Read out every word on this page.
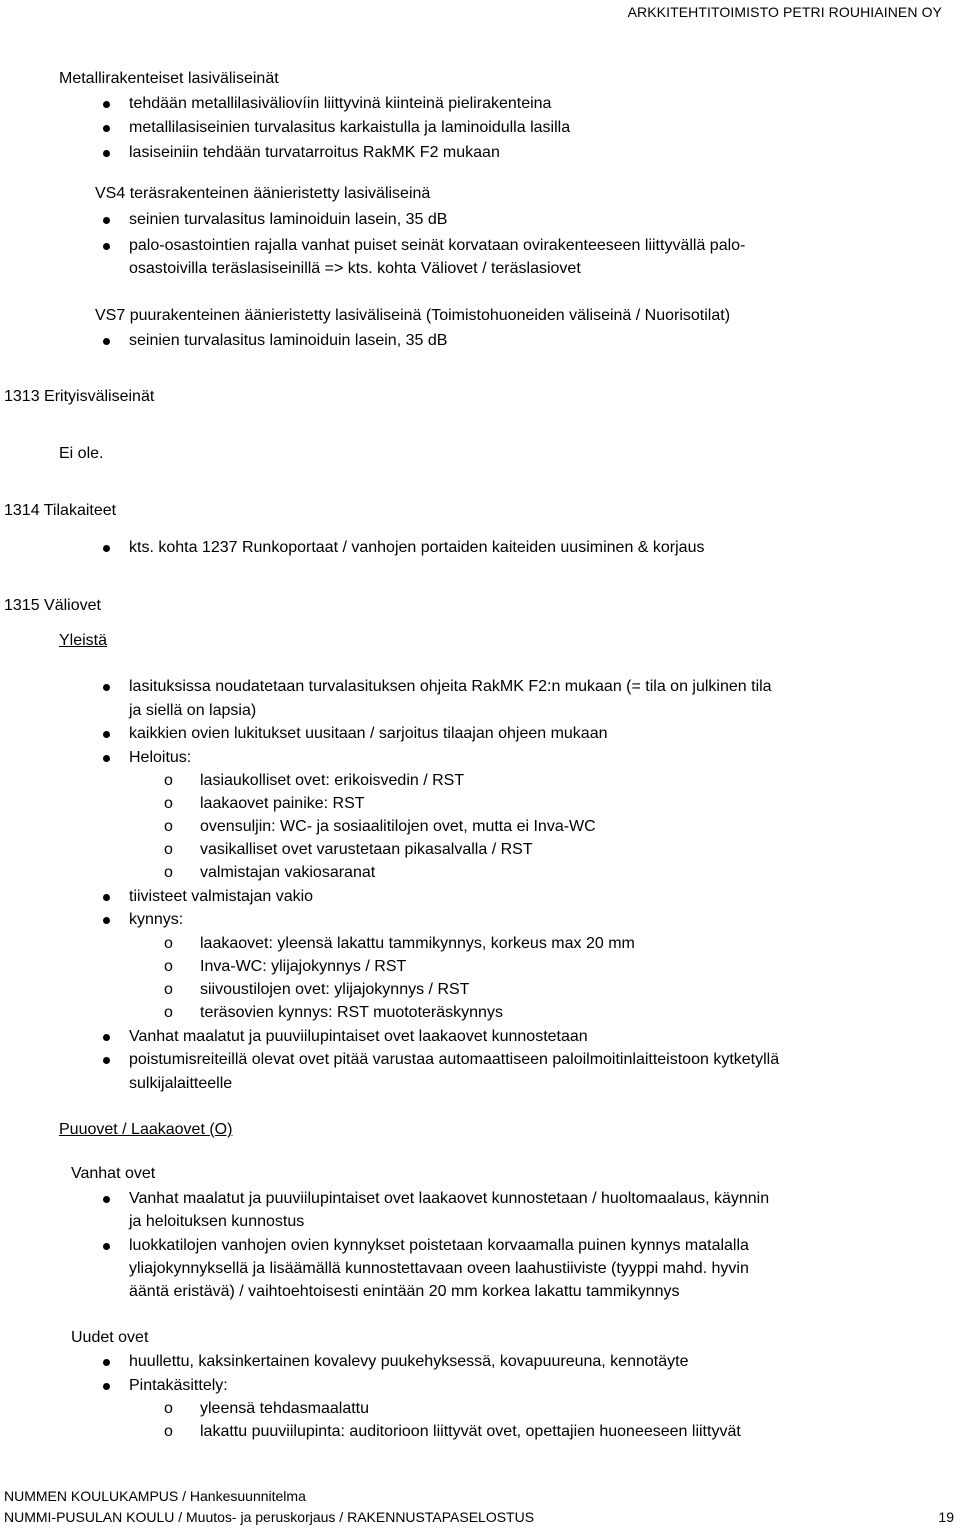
ARKKITEHTITOIMISTO PETRI ROUHIAINEN OY
Metallirakenteiset lasiväliseinät
tehdään metallilasiväliovíin liittyvinä kiinteinä pielirakenteina
metallilasiseinien turvalasitus karkaistulla ja laminoidulla lasilla
lasiseiniin tehdään turvatarroitus RakMK F2 mukaan
VS4 teräsrakenteinen äänieristetty lasiväliseinä
seinien turvalasitus laminoiduin lasein, 35 dB
palo-osastointien rajalla vanhat puiset seinät korvataan ovirakenteeseen liittyvällä palo-
osastoivilla teräslasiseinillä => kts. kohta Väliovet / teräslasiovet
VS7 puurakenteinen äänieristetty lasiväliseinä (Toimistohuoneiden väliseinä / Nuorisotilat)
seinien turvalasitus laminoiduin lasein, 35 dB
1313 Erityisväliseinät
Ei ole.
1314 Tilakaiteet
kts. kohta 1237 Runkoportaat / vanhojen portaiden kaiteiden uusiminen & korjaus
1315 Väliovet
Yleistä
lasituksissa noudatetaan turvalasituksen ohjeita RakMK F2:n mukaan (= tila on julkinen tila
ja siellä on lapsia)
kaikkien ovien lukitukset uusitaan / sarjoitus tilaajan ohjeen mukaan
Heloitus:
o lasiaukolliset ovet: erikoisvedin / RST
o laakaovet painike: RST
o ovensuljin: WC- ja sosiaalitilojen ovet, mutta ei Inva-WC
o vasikalliset ovet varustetaan pikasalvalla / RST
o valmistajan vakiosaranat
tiivisteet valmistajan vakio
kynnys:
o laakaovet: yleensä lakattu tammikynnys, korkeus max 20 mm
o Inva-WC: ylijajokynnys / RST
o siivoustilojen ovet: ylijajokynnys / RST
o teräsovien kynnys: RST muototeräskynnys
Vanhat maalatut ja puuviilupintaiset ovet laakaovet kunnostetaan
poistumisreiteillä olevat ovet pitää varustaa automaattiseen paloilmoitinlaitteistoon kytketyllä
sulkijalaitteelle
Puuovet / Laakaovet (O)
Vanhat ovet
Vanhat maalatut ja puuviilupintaiset ovet laakaovet kunnostetaan / huoltomaalaus, käynnin
ja heloituksen kunnostus
luokkatilojen vanhojen ovien kynnykset poistetaan korvaamalla puinen kynnys matalalla
yliajokynnyksellä ja lisäämällä kunnostettavaan oveen laahustiiviste (tyyppi mahd. hyvin
ääntä eristävä) / vaihtoehtoisesti enintään 20 mm korkea lakattu tammikynnys
Uudet ovet
huullettu, kaksinkertainen kovalevy puukehyksessä, kovapuureuna, kennotäyte
Pintakäsittely:
o yleensä tehdasmaalattu
o lakattu puuviilupinta: auditorioon liittyvät ovet, opettajien huoneeseen liittyvät
NUMMEN KOULUKAMPUS / Hankesuunnitelma
NUMMI-PUSULAN KOULU / Muutos- ja peruskorjaus / RAKENNUSTAPASELOSTUS	19
